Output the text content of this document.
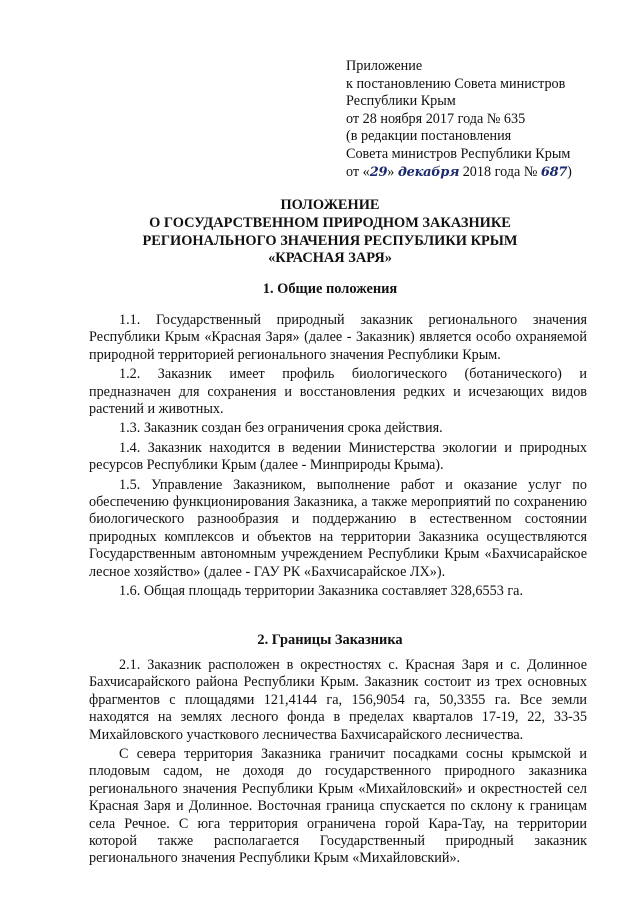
Приложение
к постановлению Совета министров
Республики Крым
от 28 ноября 2017 года № 635
(в редакции постановления
Совета министров Республики Крым
от «29» декабря 2018 года № 687)
ПОЛОЖЕНИЕ
О ГОСУДАРСТВЕННОМ ПРИРОДНОМ ЗАКАЗНИКЕ
РЕГИОНАЛЬНОГО ЗНАЧЕНИЯ РЕСПУБЛИКИ КРЫМ
«КРАСНАЯ ЗАРЯ»
1. Общие положения

1.1. Государственный природный заказник регионального значения Республики Крым «Красная Заря» (далее - Заказник) является особо охраняемой природной территорией регионального значения Республики Крым.

1.2. Заказник имеет профиль биологического (ботанического) и предназначен для сохранения и восстановления редких и исчезающих видов растений и животных.

1.3. Заказник создан без ограничения срока действия.

1.4. Заказник находится в ведении Министерства экологии и природных ресурсов Республики Крым (далее - Минприроды Крыма).

1.5. Управление Заказником, выполнение работ и оказание услуг по обеспечению функционирования Заказника, а также мероприятий по сохранению биологического разнообразия и поддержанию в естественном состоянии природных комплексов и объектов на территории Заказника осуществляются Государственным автономным учреждением Республики Крым «Бахчисарайское лесное хозяйство» (далее - ГАУ РК «Бахчисарайское ЛХ»).

1.6. Общая площадь территории Заказника составляет 328,6553 га.

2. Границы Заказника

2.1. Заказник расположен в окрестностях с. Красная Заря и с. Долинное Бахчисарайского района Республики Крым. Заказник состоит из трех основных фрагментов с площадями 121,4144 га, 156,9054 га, 50,3355 га. Все земли находятся на землях лесного фонда в пределах кварталов 17-19, 22, 33-35 Михайловского участкового лесничества Бахчисарайского лесничества.

С севера территория Заказника граничит посадками сосны крымской и плодовым садом, не доходя до государственного природного заказника регионального значения Республики Крым «Михайловский» и окрестностей сел Красная Заря и Долинное. Восточная граница спускается по склону к границам села Речное. С юга территория ограничена горой Кара-Тау, на территории которой также располагается Государственный природный заказник регионального значения Республики Крым «Михайловский».
